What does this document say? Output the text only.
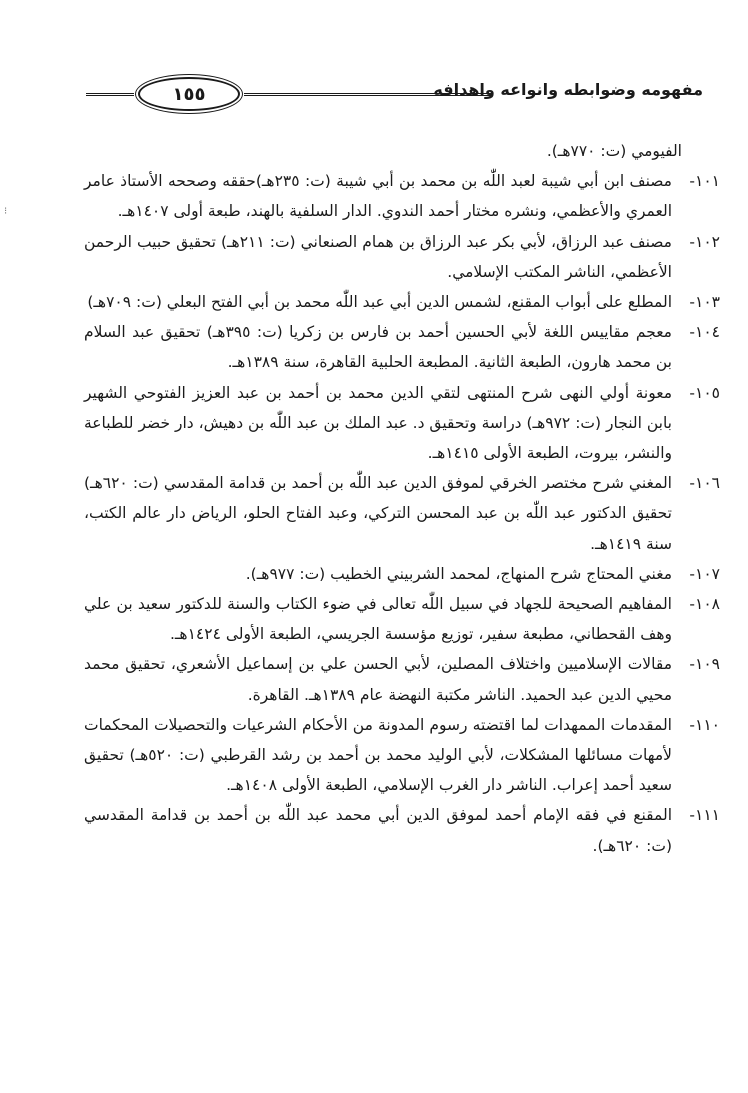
١٥٥	مفهومه وضوابطه وانواعه واهدافه
⁝
الفيومي (ت: ٧٧٠هـ).
١٠١-
مصنف ابن أبي شيبة لعبد اللّٰه بن محمد بن أبي شيبة (ت: ٢٣٥هـ)حققه وصححه الأستاذ عامر العمري والأعظمي، ونشره مختار أحمد الندوي. الدار السلفية بالهند، طبعة أولى ١٤٠٧هـ.
١٠٢-
مصنف عبد الرزاق، لأبي بكر عبد الرزاق بن همام الصنعاني (ت: ٢١١هـ) تحقيق حبيب الرحمن الأعظمي، الناشر المكتب الإسلامي.
١٠٣-
المطلع على أبواب المقنع، لشمس الدين أبي عبد اللّٰه محمد بن أبي الفتح البعلي (ت: ٧٠٩هـ)
١٠٤-
معجم مقاييس اللغة لأبي الحسين أحمد بن فارس بن زكريا (ت: ٣٩٥هـ) تحقيق عبد السلام بن محمد هارون، الطبعة الثانية. المطبعة الحلبية القاهرة، سنة ١٣٨٩هـ.
١٠٥-
معونة أولي النهى شرح المنتهى لتقي الدين محمد بن أحمد بن عبد العزيز الفتوحي الشهير بابن النجار (ت: ٩٧٢هـ) دراسة وتحقيق د. عبد الملك بن عبد اللّٰه بن دهيش، دار خضر للطباعة والنشر، بيروت، الطبعة الأولى ١٤١٥هـ.
١٠٦-
المغني شرح مختصر الخرقي لموفق الدين عبد اللّٰه بن أحمد بن قدامة المقدسي (ت: ٦٢٠هـ) تحقيق الدكتور عبد اللّٰه بن عبد المحسن التركي، وعبد الفتاح الحلو، الرياض دار عالم الكتب، سنة ١٤١٩هـ.
١٠٧-
مغني المحتاج شرح المنهاج، لمحمد الشربيني الخطيب (ت: ٩٧٧هـ).
١٠٨-
المفاهيم الصحيحة للجهاد في سبيل اللّٰه تعالى في ضوء الكتاب والسنة للدكتور سعيد بن علي وهف القحطاني، مطبعة سفير، توزيع مؤسسة الجريسي، الطبعة الأولى ١٤٢٤هـ.
١٠٩-
مقالات الإسلاميين واختلاف المصلين، لأبي الحسن علي بن إسماعيل الأشعري، تحقيق محمد محيي الدين عبد الحميد. الناشر مكتبة النهضة عام ١٣٨٩هـ. القاهرة.
١١٠-
المقدمات الممهدات لما اقتضته رسوم المدونة من الأحكام الشرعيات والتحصيلات المحكمات لأمهات مسائلها المشكلات، لأبي الوليد محمد بن أحمد بن رشد القرطبي (ت: ٥٢٠هـ) تحقيق سعيد أحمد إعراب. الناشر دار الغرب الإسلامي، الطبعة الأولى ١٤٠٨هـ.
١١١-
المقنع في فقه الإمام أحمد لموفق الدين أبي محمد عبد اللّٰه بن أحمد بن قدامة المقدسي (ت: ٦٢٠هـ).
